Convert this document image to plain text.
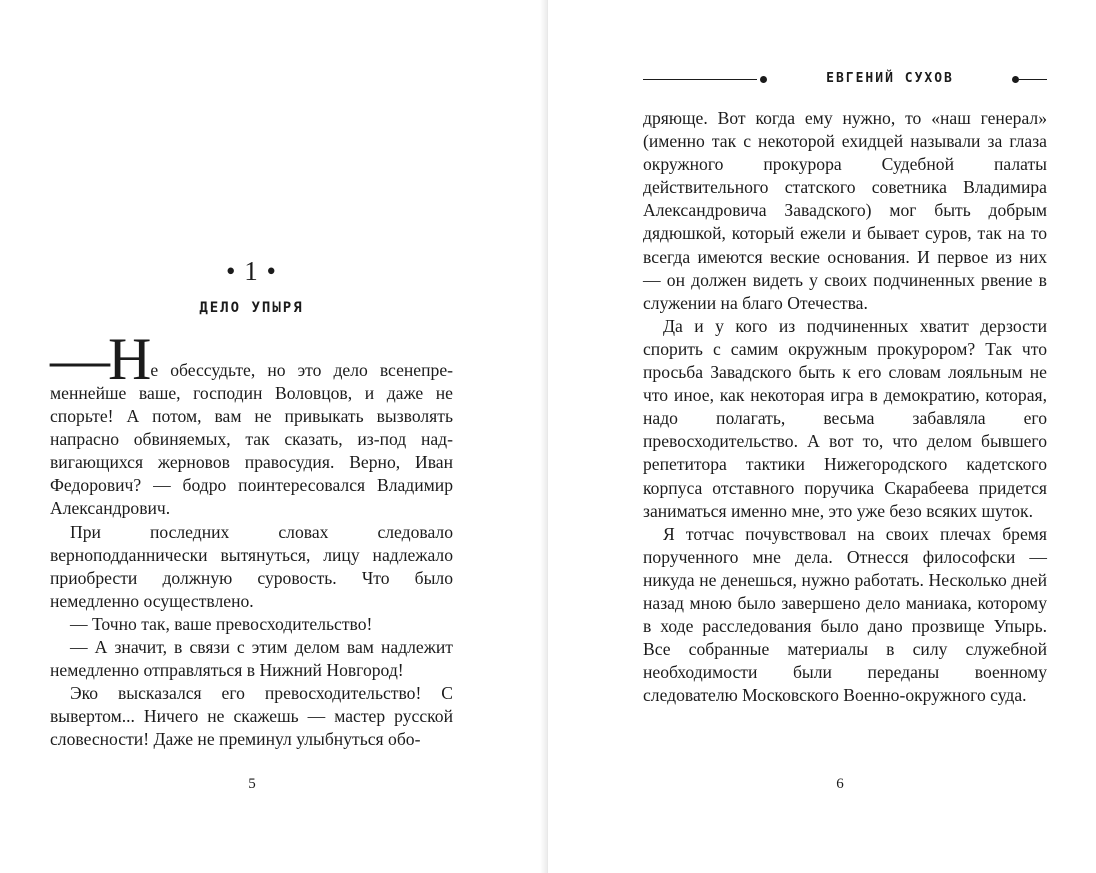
• 1 •
ДЕЛО УПЫРЯ
—Н е обессудьте, но это дело всенепре-

меннейше ваше, господин Воловцов, и даже не спорьте! А потом, вам не привыкать вызволять напрасно обвиняемых, так сказать, из-под надвигающихся жерновов правосудия. Верно, Иван Федорович? — бодро поинтересовался Владимир Александрович.

При последних словах следовало верноподданнически вытянуться, лицу надлежало приобрести должную суровость. Что было немедленно осуществлено.

— Точно так, ваше превосходительство!

— А значит, в связи с этим делом вам надлежит немедленно отправляться в Нижний Новгород!

Эко высказался его превосходительство! С вывертом... Ничего не скажешь — мастер русской словесности! Даже не преминул улыбнуться обо-

5
ЕВГЕНИЙ СУХОВ

дряюще. Вот когда ему нужно, то «наш генерал» (именно так с некоторой ехидцей называли за глаза окружного прокурора Судебной палаты действительного статского советника Владимира Александровича Завадского) мог быть добрым дядюшкой, который ежели и бывает суров, так на то всегда имеются веские основания. И первое из них — он должен видеть у своих подчиненных рвение в служении на благо Отечества.

Да и у кого из подчиненных хватит дерзости спорить с самим окружным прокурором? Так что просьба Завадского быть к его словам лояльным не что иное, как некоторая игра в демократию, которая, надо полагать, весьма забавляла его превосходительство. А вот то, что делом бывшего репетитора тактики Нижегородского кадетского корпуса отставного поручика Скарабеева придется заниматься именно мне, это уже безо всяких шуток.

Я тотчас почувствовал на своих плечах бремя порученного мне дела. Отнесся философски — никуда не денешься, нужно работать. Несколько дней назад мною было завершено дело маниака, которому в ходе расследования было дано прозвище Упырь. Все собранные материалы в силу служебной необходимости были переданы военному следователю Московского Военно-окружного суда.

6
